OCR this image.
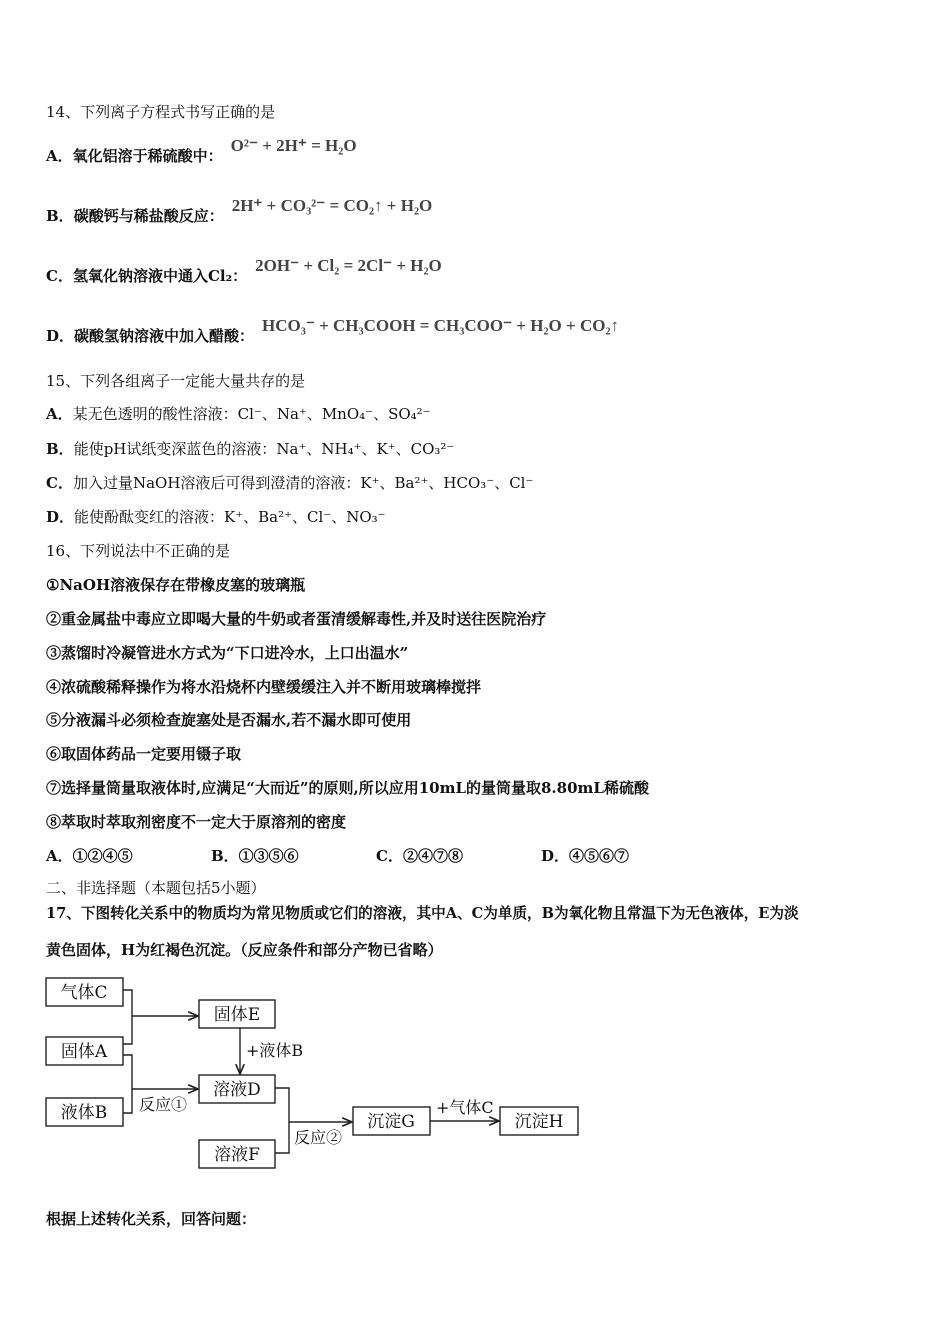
14、下列离子方程式书写正确的是
A．氧化铝溶于稀硫酸中：O²⁻ + 2H⁺ = H₂O
B．碳酸钙与稀盐酸反应：2H⁺ + CO₃²⁻ = CO₂↑ + H₂O
C．氢氧化钠溶液中通入Cl₂：2OH⁻ + Cl₂ = 2Cl⁻ + H₂O
D．碳酸氢钠溶液中加入醋酸：HCO₃⁻ + CH₃COOH = CH₃COO⁻ + H₂O + CO₂↑
15、下列各组离子一定能大量共存的是
A．某无色透明的酸性溶液：Cl⁻、Na⁺、MnO₄⁻、SO₄²⁻
B．能使pH试纸变深蓝色的溶液：Na⁺、NH₄⁺、K⁺、CO₃²⁻
C．加入过量NaOH溶液后可得到澄清的溶液：K⁺、Ba²⁺、HCO₃⁻、Cl⁻
D．能使酚酞变红的溶液：K⁺、Ba²⁺、Cl⁻、NO₃⁻
16、下列说法中不正确的是
①NaOH溶液保存在带橡皮塞的玻璃瓶
②重金属盐中毒应立即喝大量的牛奶或者蛋清缓解毒性,并及时送往医院治疗
③蒸馏时冷凝管进水方式为“下口进冷水，上口出温水”
④浓硫酸稀释操作为将水沿烧杯内壁缓缓注入并不断用玻璃棒搅拌
⑤分液漏斗必须检查旋塞处是否漏水,若不漏水即可使用
⑥取固体药品一定要用镊子取
⑦选择量筒量取液体时,应满足“大而近”的原则,所以应用10mL的量筒量取8.80mL稀硫酸
⑧萃取时萃取剂密度不一定大于原溶剂的密度
A．①②④⑤	B．①③⑤⑥	C．②④⑦⑧	D．④⑤⑥⑦
二、非选择题（本题包括5小题）
17、下图转化关系中的物质均为常见物质或它们的溶液，其中A、C为单质，B为氧化物且常温下为无色液体，E为淡
黄色固体，H为红褐色沉淀。（反应条件和部分产物已省略）
气体C
固体A
液体B
固体E
溶液D
溶液F
沉淀G	沉淀H
+液体B
反应①
反应②
+气体C
根据上述转化关系，回答问题：
